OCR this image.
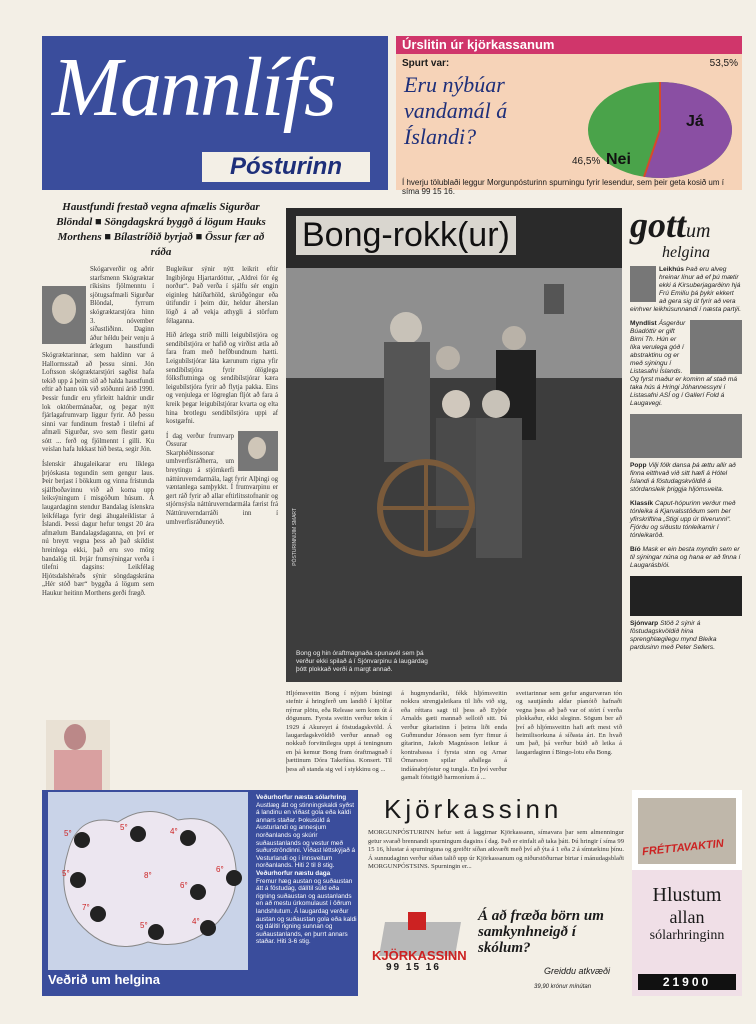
Mannlífs
Pósturinn
Úrslitin úr kjörkassanum
Spurt var:
Eru nýbúar vandamál á Íslandi?
53,5%
46,5%
Já
Nei
Í hverju tölublaði leggur Morgunpósturinn spurningu fyrir lesendur, sem þeir geta kosið um í síma 99 15 16.
Haustfundi frestað vegna afmælis Sigurðar Blöndal ■ Söngdagskrá byggð á lögum Hauks Morthens ■ Bílastríðið byrjað ■ Össur fær að ráða
Skógarverðir og aðrir starfsmenn Skógræktar ríkisins fjölmenntu í sjötugsafmæli Sigurðar Blöndal, fyrrum skógræktarstjóra hinn 3. nóvember síðastliðinn. Daginn áður héldu þeir venju á árlegum haustfundi Skógræktarinnar, sem haldinn var á Hallormsstað að þessu sinni. Jón Loftsson skógræktarstjóri sagðist hafa tekið upp á þeim sið að halda haustfundi eftir að hann tók við stöðunni árið 1990. Þessir fundir eru yfirleitt haldnir undir lok októbermánaðar, og þegar nýtt fjárlagafrumvarp liggur fyrir. Að þessu sinni var fundinum frestað í tilefni af afmæli Sigurðar, svo sem flestir gætu sótt ... ferð og fjölmennt í gilli. Ku veislan hafa lukkast hið besta, segir Jón.
Íslenskir áhugaleikarar eru líklega þrjóskasta tegundin sem gengur laus. Þeir berjast í bökkum og vinna frístunda sjálfboðavinnu við að koma upp leiksýningum í misgóðum húsum. Á laugardaginn stendur Bandalag íslenskra leikfélaga fyrir degi áhugaleiklistar á Íslandi. Þessi dagur hefur tengst 20 ára afmælum Bandalagsdaganna, en því er nú breytt vegna þess að það skildist hreinlega ekki, það eru svo mörg bandalög til. Þrjár frumsýningar verða í tilefni dagsins: Leikfélag Hjótsdalshéraðs sýnir söngdagskrána „Hér stóð bær“ byggða á lögum sem Haukur heitinn Morthens gerði frægð.
Bugleikur sýnir nýtt leikrit eftir Ingibjörgu Hjartardóttur, „Aldrei fór ég norður“. Það verða í sjálfu sér engin eiginleg hátíðarhöld, skrúðgöngur eða útifundir í þeim dúr, heldur áherslan lögð á að vekja athygli á störfum félaganna.
Hið árlega stríð milli leigubílstjóra og sendibílstjóra er hafið og virðist ætla að fara fram með hefðbundnum hætti. Leigubílstjórar láta kærunum rigna yfir sendibílstjóra fyrir ólöglega fólksflutninga og sendibílstjórar kæra leigubílstjóra fyrir að flytja pakka. Eins og venjulega er lögreglan fljót að fara á kreik þegar leigubílstjórar kvarta og elta hina brotlegu sendibílstjóra uppi af kostgæfni.
Í dag verður frumvarp Össurar Skarphéðinssonar umhverfisráðherra, um breytingu á stjórnkerfi náttúruverndarmála, lagt fyrir Alþingi og væntanlega samþykkt. Í frumvarpinu er gert ráð fyrir að allar eftirlitsstofnanir og stjórnsýsla náttúruverndarmála færist frá Náttúruverndarráði inn í umhverfisráðuneytið.
Bong-rokk(ur)
PÓSTURINN/JIM SMART
Bong og hin óraftmagnaða spunavél sem þá verður ekki spilað á í Sjónvarpinu á laugardag þótt plokkað verði á margt annað.
Hljómsveitin Bong í nýjum búningi stefnir á hringferð um landið í kjölfar nýrrar plötu, eða Release sem kom út á dögunum. Fyrsta sveitin verður tekin í 1929 á Akureyri á föstudagskvöld. Á laugardagskvöldið verður annað og nokkuð forvitnilegra uppi á teningnum en þá kemur Bong fram óraftmagnað í þættinum Dóra Takefúsa. Konsert. Til þess að standa sig vel í stykkinu og ...
á hugmyndaríki, fékk hljómsveitin nokkra strengjaleikara til liðs við sig, eða réttara sagt til þess að Eyþór Arnalds gæti mannað selloið sitt. Þá verður gítaristinn í þeirra liði enda Guðmundur Jónsson sem fyrr fimur á gítarinn, Jakob Magnússon leikur á kontrabassa í fyrsta sinn og Arnar Ómarsson spilar aðallega á indíánabrjóstur og tungla. En því verður gamalt fótstigið harmoníum á ...
sveitarinnar sem gefur angurværan tón og sautjándu aldar píanóið hafnaði vegna þess að það var of stórt í verða plokkaður, ekki sleginn. Sögum ber að því að hljómsveitin hafi æft mest við heimilisorkuna á síðasta ári. En hvað um það, þá verður búið að leika á laugardaginn í Bingo-lotu eða Bong.
gottum
helgina
Leikhús Það eru alveg hreinar línur að ef þú mætir ekki á Kirsuberjagarðinn hjá Frú Emilíu þá þykir ekkert að gera sig út fyrir að vera einhver leikhúsunnandi í næsta partýi.
Myndlist Ásgerður Búadóttir er gift Birni Th. Hún er líka verulega góð í abstraktinu og er með sýningu í Listasafni Íslands. Og fyrst maður er kominn af stað má taka hús á Hringi Jóhannessyni í Listasafni ASÍ og í Gallerí Fold á Laugavegi.
Popp Vilji fólk dansa þá ættu allir að finna eitthvað við sitt hæfi á Hótel Íslandi á föstudagskvöldið á stórdansleik þriggja hljómsveita.
Klassík Caput-hópurinn verður með tónleika á Kjarvalsstöðum sem ber yfirskriftina „Stigi upp úr tilverunni“. Fjórðu og síðustu tónleikarnir í tónleikaröð.
Bíó Mask er ein besta myndin sem er til sýningar núna og hana er að finna í Laugarásbíói.
Sjónvarp Stöð 2 sýnir á föstudagskvöldið hina sprenghlægilegu mynd Bleika pardusinn með Peter Sellers.
5°
5°	4°
6°
5°
6°
7°
5°	4°
8°
Veðurhorfur næsta sólarhring
Austlæg átt og stinningskaldi syðst á landinu en víðast gola eða kaldi annars staðar. Þokusúld á Austurlandi og annesjum norðanlands og skúrir suðaustanlands og vestur með suðurströndinni. Víðast léttskýjað á Vesturlandi og í innsveitum norðanlands. Hiti 2 til 8 stig.
Veðurhorfur næstu daga
Fremur hæg austan og suðaustan átt á föstudag, dálítil súld eða rigning suðaustan og austanlands en að mestu úrkomulaust í öðrum landshlutum. Á laugardag verður austan og suðaustan gola eða kaldi og dálítil rigning sunnan og suðaustanlands, en þurrt annars staðar. Hiti 3-6 stig.
Veðrið um helgina
Kjörkassinn
MORGUNPÓSTURINN hefur sett á laggirnar Kjörkassann, símavara þar sem almenningur getur svarað brennandi spurningum dagsins í dag. Það er einfalt að taka þátt. Þú hringir í síma 99 15 16, hlustar á spurninguna og greiðir síðan atkvæði með því að ýta á 1 eða 2 á símtækinu þínu. Á sunnudaginn verður síðan talið upp úr Kjörkassanum og niðurstöðurnar birtar í mánudagsblaði MORGUNPÓSTSINS. Spurningin er...
KJÖRKASSINN
99 15 16
Á að fræða börn um samkynhneigð í skólum?
Greiddu atkvæði
39,90 krónur mínútan
FRÉTTAVAKTIN
Hlustum
allan
sólarhringinn
21900
